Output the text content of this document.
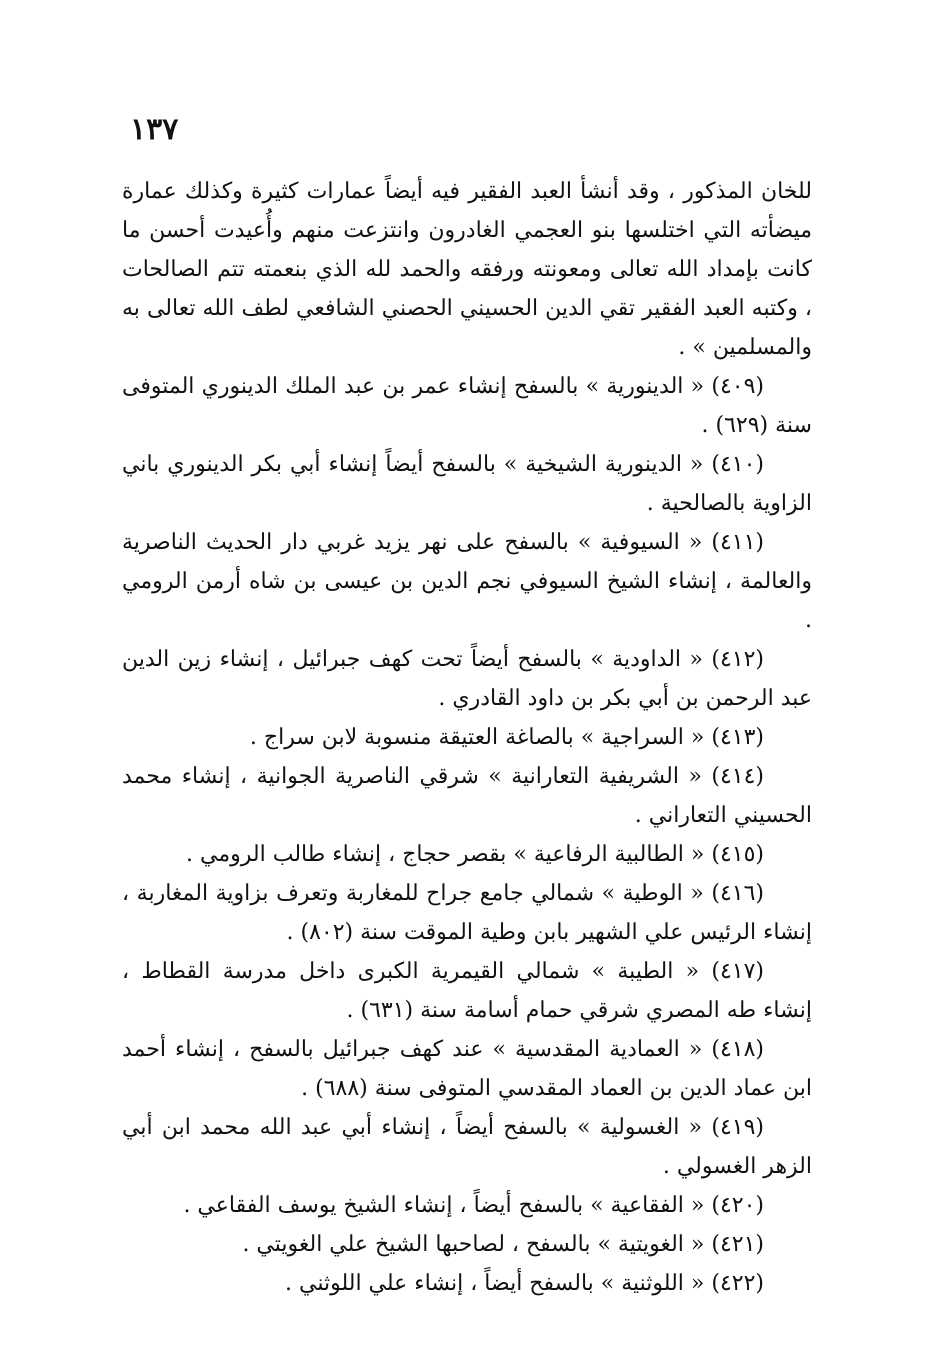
١٣٧

للخان المذكور ، وقد أنشأ العبد الفقير فيه أيضاً عمارات كثيرة وكذلك عمارة ميضأته التي اختلسها بنو العجمي الغادرون وانتزعت منهم وأُعيدت أحسن ما كانت بإمداد الله تعالى ومعونته ورفقه والحمد لله الذي بنعمته تتم الصالحات ، وكتبه العبد الفقير تقي الدين الحسيني الحصني الشافعي لطف الله تعالى به والمسلمين » .

(٤٠٩) « الدينورية » بالسفح إنشاء عمر بن عبد الملك الدينوري المتوفى سنة (٦٢٩) .

(٤١٠) « الدينورية الشيخية » بالسفح أيضاً إنشاء أبي بكر الدينوري باني الزاوية بالصالحية .

(٤١١) « السيوفية » بالسفح على نهر يزيد غربي دار الحديث الناصرية والعالمة ، إنشاء الشيخ السيوفي نجم الدين بن عيسى بن شاه أرمن الرومي .

(٤١٢) « الداودية » بالسفح أيضاً تحت كهف جبرائيل ، إنشاء زين الدين عبد الرحمن بن أبي بكر بن داود القادري .

(٤١٣) « السراجية » بالصاغة العتيقة منسوبة لابن سراج .

(٤١٤) « الشريفية التعارانية » شرقي الناصرية الجوانية ، إنشاء محمد الحسيني التعاراني .

(٤١٥) « الطالبية الرفاعية » بقصر حجاج ، إنشاء طالب الرومي .

(٤١٦) « الوطية » شمالي جامع جراح للمغاربة وتعرف بزاوية المغاربة ، إنشاء الرئيس علي الشهير بابن وطية الموقت سنة (٨٠٢) .

(٤١٧) « الطيبة » شمالي القيمرية الكبرى داخل مدرسة القطاط ، إنشاء طه المصري شرقي حمام أسامة سنة (٦٣١) .

(٤١٨) « العمادية المقدسية » عند كهف جبرائيل بالسفح ، إنشاء أحمد ابن عماد الدين بن العماد المقدسي المتوفى سنة (٦٨٨) .

(٤١٩) « الغسولية » بالسفح أيضاً ، إنشاء أبي عبد الله محمد ابن أبي الزهر الغسولي .

(٤٢٠) « الفقاعية » بالسفح أيضاً ، إنشاء الشيخ يوسف الفقاعي .

(٤٢١) « الغويتية » بالسفح ، لصاحبها الشيخ علي الغويتي .

(٤٢٢) « اللوثنية » بالسفح أيضاً ، إنشاء علي اللوثني .
